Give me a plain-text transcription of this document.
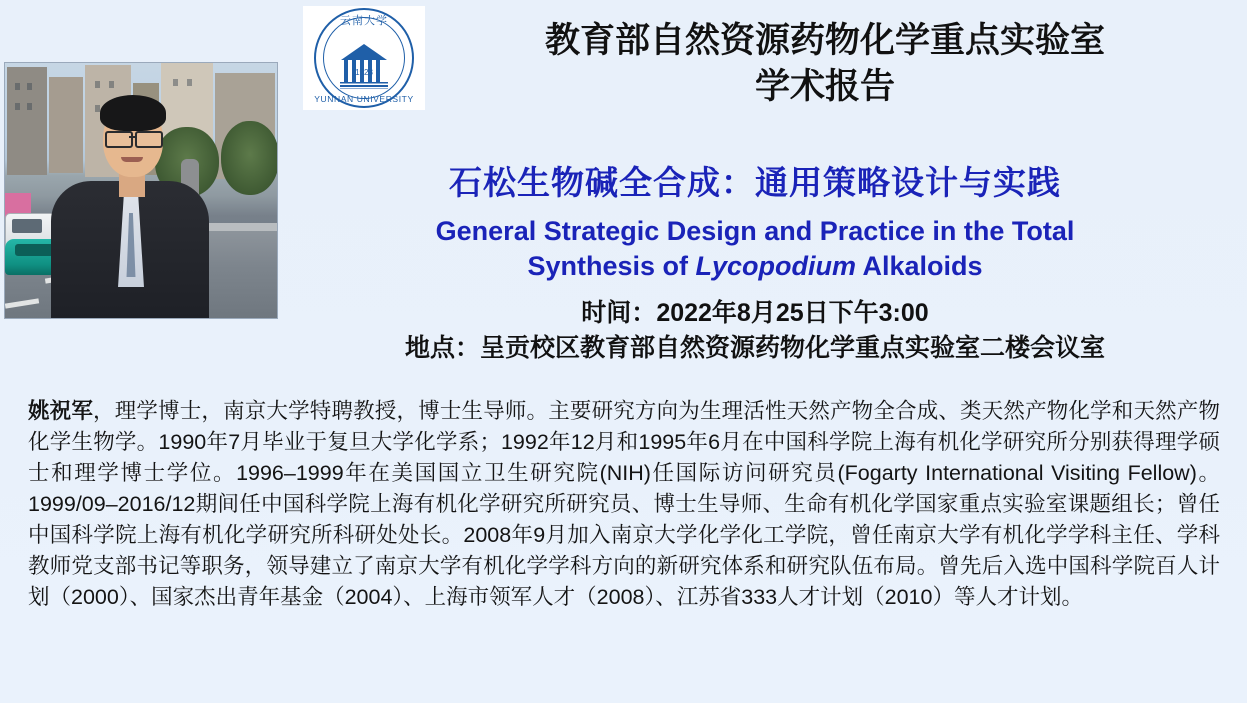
云南大学
1923
YUNNAN UNIVERSITY
教育部自然资源药物化学重点实验室
学术报告
石松生物碱全合成：通用策略设计与实践
General Strategic Design and Practice in the Total
Synthesis of Lycopodium Alkaloids
时间：2022年8月25日下午3:00
地点：呈贡校区教育部自然资源药物化学重点实验室二楼会议室
姚祝军，理学博士，南京大学特聘教授，博士生导师。主要研究方向为生理活性天然产物全合成、类天然产物化学和天然产物化学生物学。1990年7月毕业于复旦大学化学系；1992年12月和1995年6月在中国科学院上海有机化学研究所分别获得理学硕士和理学博士学位。1996–1999年在美国国立卫生研究院(NIH)任国际访问研究员(Fogarty International Visiting Fellow)。1999/09–2016/12期间任中国科学院上海有机化学研究所研究员、博士生导师、生命有机化学国家重点实验室课题组长；曾任中国科学院上海有机化学研究所科研处处长。2008年9月加入南京大学化学化工学院，曾任南京大学有机化学学科主任、学科教师党支部书记等职务，领导建立了南京大学有机化学学科方向的新研究体系和研究队伍布局。曾先后入选中国科学院百人计划（2000）、国家杰出青年基金（2004）、上海市领军人才（2008）、江苏省333人才计划（2010）等人才计划。
